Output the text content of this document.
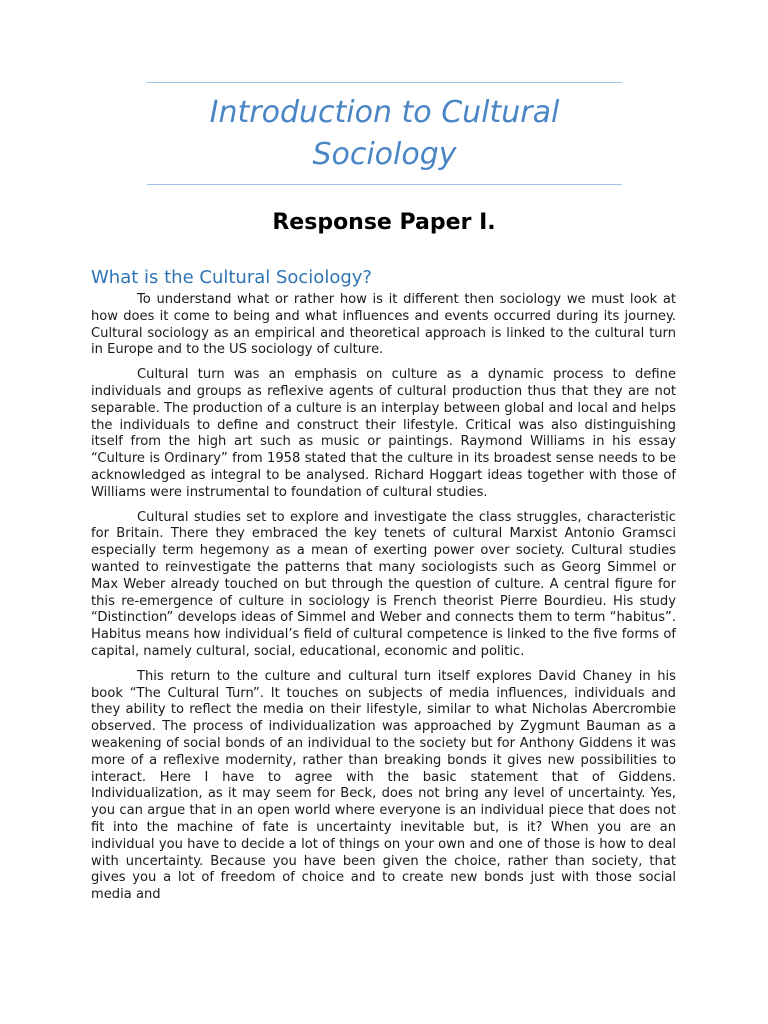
Introduction to Cultural Sociology
Response Paper I.
What is the Cultural Sociology?

To understand what or rather how is it different then sociology we must look at how does it come to being and what influences and events occurred during its journey. Cultural sociology as an empirical and theoretical approach is linked to the cultural turn in Europe and to the US sociology of culture.

Cultural turn was an emphasis on culture as a dynamic process to define individuals and groups as reflexive agents of cultural production thus that they are not separable. The production of a culture is an interplay between global and local and helps the individuals to define and construct their lifestyle. Critical was also distinguishing itself from the high art such as music or paintings. Raymond Williams in his essay “Culture is Ordinary” from 1958 stated that the culture in its broadest sense needs to be acknowledged as integral to be analysed. Richard Hoggart ideas together with those of Williams were instrumental to foundation of cultural studies.

Cultural studies set to explore and investigate the class struggles, characteristic for Britain. There they embraced the key tenets of cultural Marxist Antonio Gramsci especially term hegemony as a mean of exerting power over society. Cultural studies wanted to reinvestigate the patterns that many sociologists such as Georg Simmel or Max Weber already touched on but through the question of culture. A central figure for this re-emergence of culture in sociology is French theorist Pierre Bourdieu. His study “Distinction” develops ideas of Simmel and Weber and connects them to term “habitus”. Habitus means how individual’s field of cultural competence is linked to the five forms of capital, namely cultural, social, educational, economic and politic.

This return to the culture and cultural turn itself explores David Chaney in his book “The Cultural Turn”. It touches on subjects of media influences, individuals and they ability to reflect the media on their lifestyle, similar to what Nicholas Abercrombie observed. The process of individualization was approached by Zygmunt Bauman as a weakening of social bonds of an individual to the society but for Anthony Giddens it was more of a reflexive modernity, rather than breaking bonds it gives new possibilities to interact. Here I have to agree with the basic statement that of Giddens. Individualization, as it may seem for Beck, does not bring any level of uncertainty. Yes, you can argue that in an open world where everyone is an individual piece that does not fit into the machine of fate is uncertainty inevitable but, is it? When you are an individual you have to decide a lot of things on your own and one of those is how to deal with uncertainty. Because you have been given the choice, rather than society, that gives you a lot of freedom of choice and to create new bonds just with those social media and
